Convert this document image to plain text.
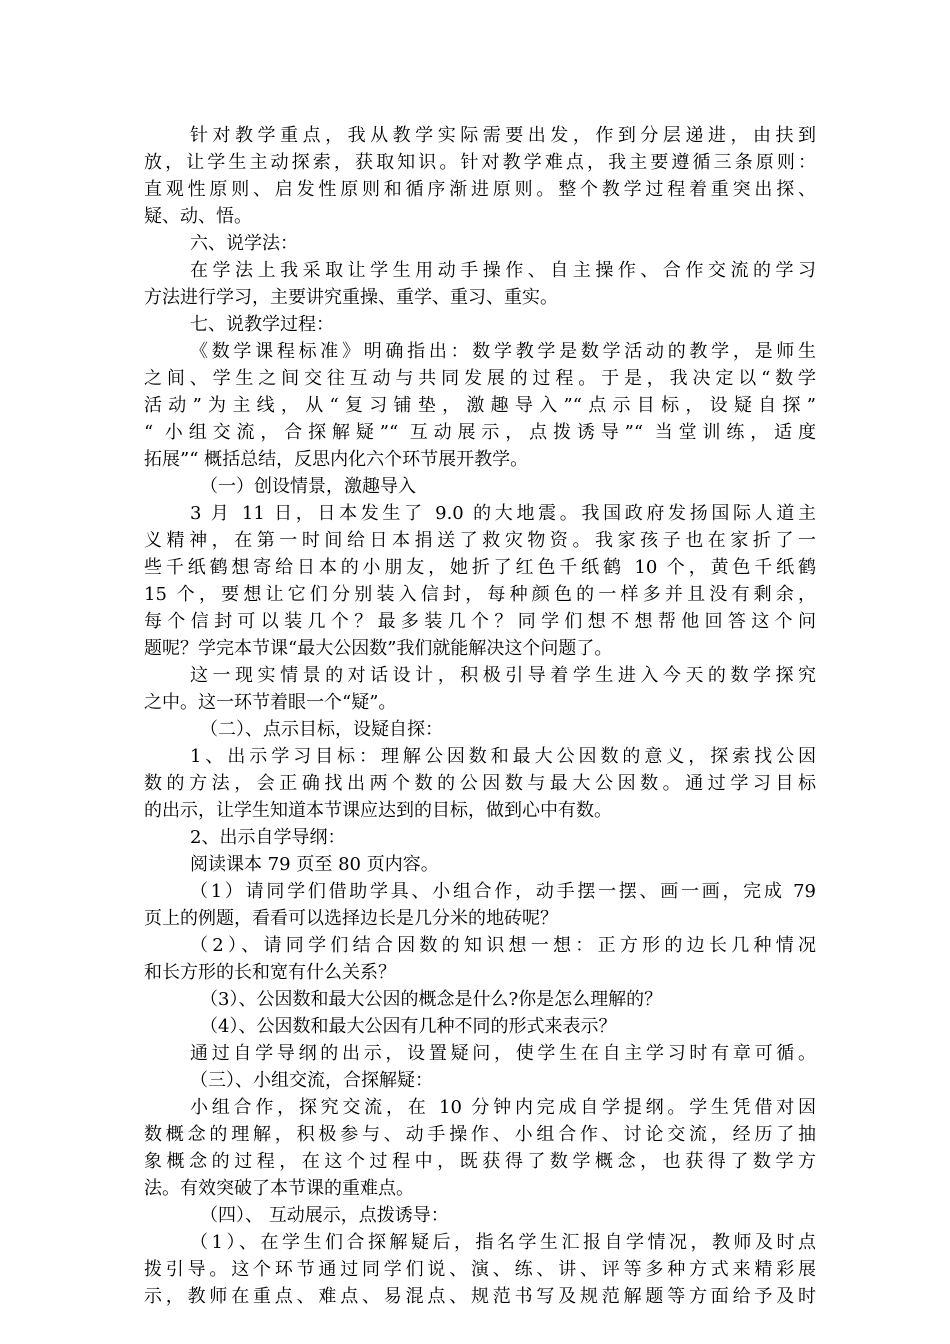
针对教学重点，我从教学实际需要出发，作到分层递进，由扶到
放，让学生主动探索，获取知识。针对教学难点，我主要遵循三条原则：
直观性原则、启发性原则和循序渐进原则。整个教学过程着重突出探、
疑、动、悟。
六、说学法：
在学法上我采取让学生用动手操作、自主操作、合作交流的学习
方法进行学习，主要讲究重操、重学、重习、重实。
七、说教学过程：
《数学课程标准》明确指出：数学教学是数学活动的教学，是师生
之间、学生之间交往互动与共同发展的过程。于是，我决定以“数学
活动”为主线，从“复习铺垫，激趣导入”“点示目标，设疑自探”
“ 小组交流，合探解疑”“ 互动展示，点拨诱导”“ 当堂训练，适度
拓展”“ 概括总结，反思内化六个环节展开教学。
（一）创设情景，激趣导入
3 月 11 日，日本发生了 9.0 的大地震。我国政府发扬国际人道主
义精神，在第一时间给日本捐送了救灾物资。我家孩子也在家折了一
些千纸鹤想寄给日本的小朋友，她折了红色千纸鹤 10 个，黄色千纸鹤
15 个，要想让它们分别装入信封，每种颜色的一样多并且没有剩余，
每个信封可以装几个？最多装几个？同学们想不想帮他回答这个问
题呢？学完本节课“最大公因数”我们就能解决这个问题了。
这一现实情景的对话设计，积极引导着学生进入今天的数学探究
之中。这一环节着眼一个“疑”。
（二）、点示目标，设疑自探：
1、出示学习目标：理解公因数和最大公因数的意义，探索找公因
数的方法，会正确找出两个数的公因数与最大公因数。通过学习目标
的出示，让学生知道本节课应达到的目标，做到心中有数。
2、出示自学导纲：
阅读课本 79 页至 80 页内容。
（1）请同学们借助学具、小组合作，动手摆一摆、画一画，完成 79
页上的例题，看看可以选择边长是几分米的地砖呢？
（2）、请同学们结合因数的知识想一想：正方形的边长几种情况
和长方形的长和宽有什么关系？
（3）、公因数和最大公因的概念是什么?你是怎么理解的？
（4）、公因数和最大公因有几种不同的形式来表示？
通过自学导纲的出示，设置疑问，使学生在自主学习时有章可循。
（三）、小组交流，合探解疑：
小组合作，探究交流，在 10 分钟内完成自学提纲。学生凭借对因
数概念的理解，积极参与、动手操作、小组合作、讨论交流，经历了抽
象概念的过程，在这个过程中，既获得了数学概念，也获得了数学方
法。有效突破了本节课的重难点。
（四）、 互动展示，点拨诱导：
（1）、在学生们合探解疑后，指名学生汇报自学情况，教师及时点
拨引导。这个环节通过同学们说、演、练、讲、评等多种方式来精彩展
示，教师在重点、难点、易混点、规范书写及规范解题等方面给予及时
